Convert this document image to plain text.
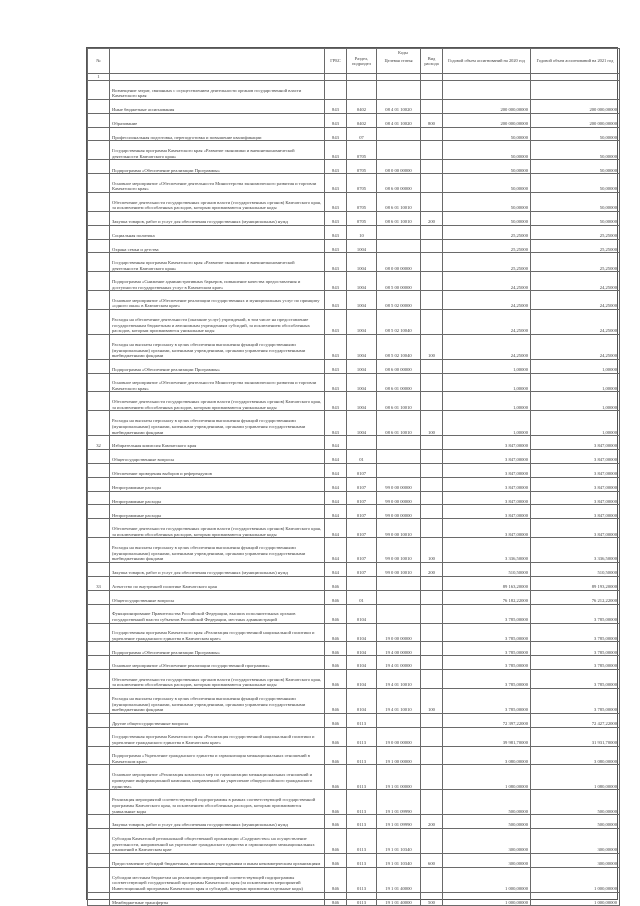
№		ГРБС	Раздел, подраздел	Целевая статья	Вид расхода	Годовой объем ассигнований на 2020 год	Годовой объем ассигнований на 2021 год
1							
	Возмещение затрат, связанных с осуществлением деятельности органов государственной власти Камчатского края						
	Иные бюджетные ассигнования	843	0402	08 4 01 10020		200 000,00000	200 000,00000
	Образование	843	0402	08 4 01 10020	800	200 000,00000	200 000,00000
	Профессиональная подготовка, переподготовка и повышение квалификации	843	07			50,00000	50,00000
	Государственная программа Камчатского края «Развитие экономики и внешнеэкономической деятельности Камчатского края»	843	0705			50,00000	50,00000
	Подпрограмма «Обеспечение реализации Программы»	843	0705	08 0 00 00000		50,00000	50,00000
	Основное мероприятие «Обеспечение деятельности Министерства экономического развития и торговли Камчатского края»	843	0705	08 6 00 00000		50,00000	50,00000
	Обеспечение деятельности государственных органов власти (государственных органов) Камчатского края, за исключением обособленных расходов, которым присваиваются уникальные коды	843	0705	08 6 01 10010		50,00000	50,00000
	Закупка товаров, работ и услуг для обеспечения государственных (муниципальных) нужд	843	0705	08 6 01 10010	200	50,00000	50,00000
	Социальная политика	843	10			25,25000	25,25000
	Охрана семьи и детства	843	1004			25,25000	25,25000
	Государственная программа Камчатского края «Развитие экономики и внешнеэкономической деятельности Камчатского края»	843	1004	08 0 00 00000		25,25000	25,25000
	Подпрограмма «Снижение административных барьеров, повышение качества предоставления и доступности государственных услуг в Камчатском крае»	843	1004	08 5 00 00000		24,25000	24,25000
	Основное мероприятие «Обеспечение реализации государственных и муниципальных услуг по принципу «одного окна» в Камчатском крае»	843	1004	08 5 02 00000		24,25000	24,25000
	Расходы на обеспечение деятельности (оказание услуг) учреждений, в том числе на предоставление государственным бюджетным и автономным учреждениям субсидий, за исключением обособленных расходов, которым присваиваются уникальные коды	843	1004	08 5 02 10040		24,25000	24,25000
	Расходы на выплаты персоналу в целях обеспечения выполнения функций государственными (муниципальными) органами, казенными учреждениями, органами управления государственными внебюджетными фондами	843	1004	08 5 02 10040	100	24,25000	24,25000
	Подпрограмма «Обеспечение реализации Программы»	843	1004	08 6 00 00000		1,00000	1,00000
	Основное мероприятие «Обеспечение деятельности Министерства экономического развития и торговли Камчатского края»	843	1004	08 6 01 00000		1,00000	1,00000
	Обеспечение деятельности государственных органов власти (государственных органов) Камчатского края, за исключением обособленных расходов, которым присваиваются уникальные коды	843	1004	08 6 01 10010		1,00000	1,00000
	Расходы на выплаты персоналу в целях обеспечения выполнения функций государственными (муниципальными) органами, казенными учреждениями, органами управления государственными внебюджетными фондами	843	1004	08 6 01 10010	100	1,00000	1,00000
32	Избирательная комиссия Камчатского края	844				3 847,00000	3 847,00000
	Общегосударственные вопросы	844	01			3 847,00000	3 847,00000
	Обеспечение проведения выборов и референдумов	844	0107			3 847,00000	3 847,00000
	Непрограммные расходы	844	0107	99 0 00 00000		3 847,00000	3 847,00000
	Непрограммные расходы	844	0107	99 0 00 00000		3 847,00000	3 847,00000
	Непрограммные расходы	844	0107	99 0 00 00000		3 847,00000	3 847,00000
	Обеспечение деятельности государственных органов власти (государственных органов) Камчатского края, за исключением обособленных расходов, которым присваиваются уникальные коды	844	0107	99 0 00 10010		3 847,00000	3 847,00000
	Расходы на выплаты персоналу в целях обеспечения выполнения функций государственными (муниципальными) органами, казенными учреждениями, органами управления государственными внебюджетными фондами	844	0107	99 0 00 10010	100	3 336,50000	3 336,50000
	Закупка товаров, работ и услуг для обеспечения государственных (муниципальных) нужд	844	0107	99 0 00 10010	200	510,50000	510,50000
33	Агентство по внутренней политике Камчатского края	846				89 163,20000	89 193,20000
	Общегосударственные вопросы	846	01			76 182,22000	76 212,22000
	Функционирование Правительства Российской Федерации, высших исполнительных органов государственной власти субъектов Российской Федерации, местных администраций	846	0104			3 785,00000	3 785,00000
	Государственная программа Камчатского края «Реализация государственной национальной политики и укрепление гражданского единства в Камчатском крае»	846	0104	19 0 00 00000		3 785,00000	3 785,00000
	Подпрограмма «Обеспечение реализации Программы»	846	0104	19 4 00 00000		3 785,00000	3 785,00000
	Основное мероприятие «Обеспечение реализации государственной программы»	846	0104	19 4 01 00000		3 785,00000	3 785,00000
	Обеспечение деятельности государственных органов власти (государственных органов) Камчатского края, за исключением обособленных расходов, которым присваиваются уникальные коды	846	0104	19 4 01 10010		3 785,00000	3 785,00000
	Расходы на выплаты персоналу в целях обеспечения выполнения функций государственными (муниципальными) органами, казенными учреждениями, органами управления государственными внебюджетными фондами	846	0104	19 4 01 10010	100	3 785,00000	3 785,00000
	Другие общегосударственные вопросы	846	0113			72 397,22000	72 427,22000
	Государственная программа Камчатского края «Реализация государственной национальной политики и укрепление гражданского единства в Камчатском крае»	846	0113	19 0 00 00000		39 981,70000	31 931,70000
	Подпрограмма «Укрепление гражданского единства и гармонизация межнациональных отношений в Камчатском крае»	846	0113	19 1 00 00000		3 080,00000	3 080,00000
	Основное мероприятие «Реализация комплекса мер по гармонизации межнациональных отношений и проведение информационной кампании, направленной на укрепление общероссийского гражданского единства»	846	0113	19 1 01 00000		1 080,00000	1 080,00000
	Реализация мероприятий соответствующей подпрограммы в рамках соответствующей государственной программы Камчатского края, за исключением обособленных расходов, которым присваиваются уникальные коды	846	0113	19 1 01 09990		500,00000	500,00000
	Закупка товаров, работ и услуг для обеспечения государственных (муниципальных) нужд	846	0113	19 1 01 09990	200	500,00000	500,00000
	Субсидия Камчатской региональной общественной организации «Содружество» на осуществление деятельности, направленной на укрепление гражданского единства и гармонизацию межнациональных отношений в Камчатском крае	846	0113	19 1 01 10340		300,00000	300,00000
	Предоставление субсидий бюджетным, автономным учреждениям и иным некоммерческим организациям	846	0113	19 1 01 10340	600	300,00000	300,00000
	Субсидии местным бюджетам на реализацию мероприятий соответствующей подпрограммы соответствующей государственной программы Камчатского края (за исключением мероприятий Инвестиционной программы Камчатского края и субсидий, которым присвоены отдельные коды)	846	0113	19 1 01 40000		1 000,00000	1 000,00000
	Межбюджетные трансферты	846	0113	19 1 01 40000	500	1 000,00000	1 000,00000
Коды
